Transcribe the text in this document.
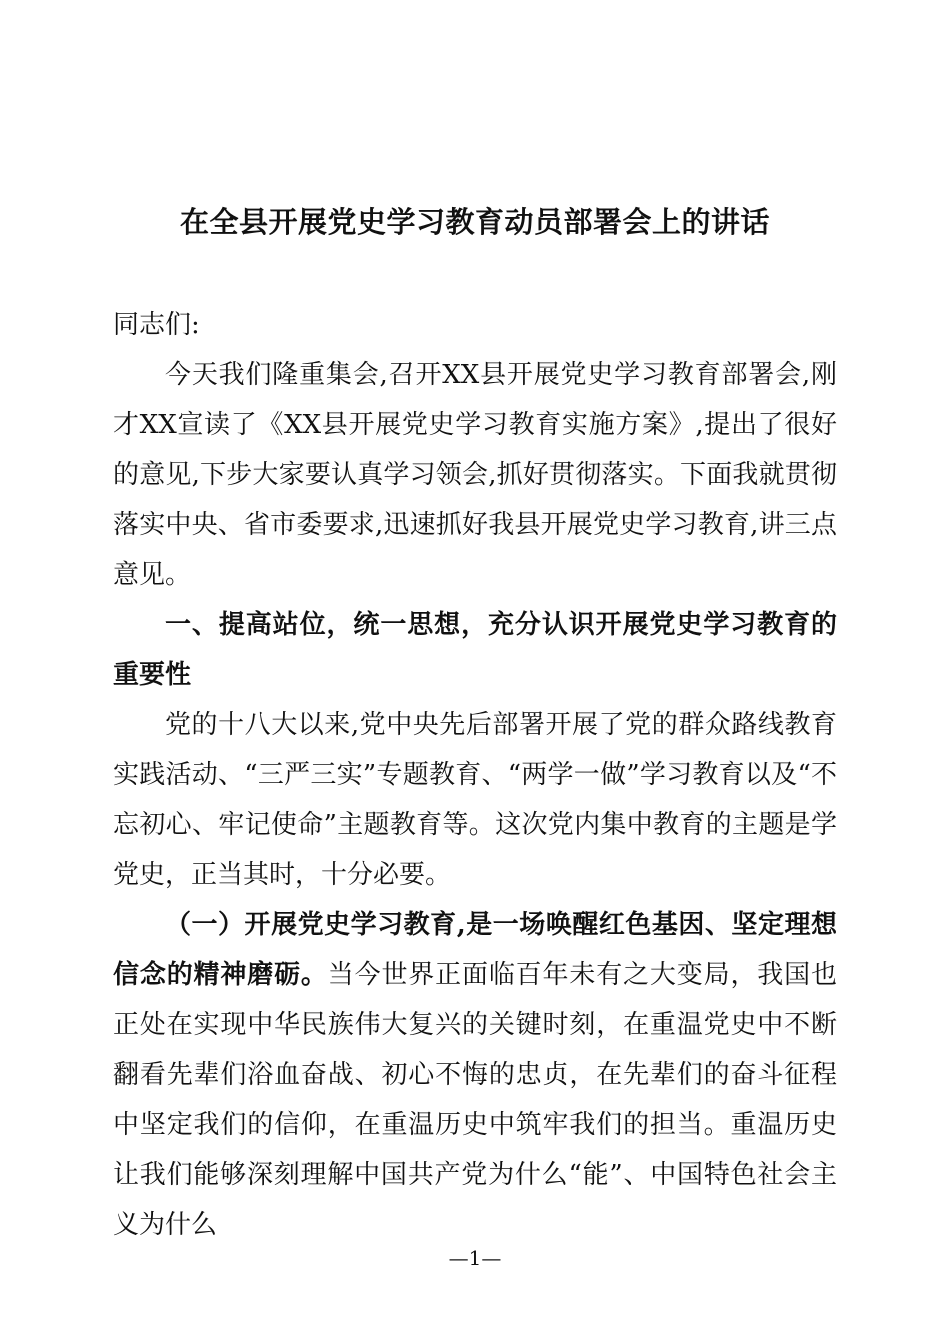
在全县开展党史学习教育动员部署会上的讲话

同志们:

今天我们隆重集会,召开XX县开展党史学习教育部署会,刚才XX宣读了《XX县开展党史学习教育实施方案》,提出了很好的意见,下步大家要认真学习领会,抓好贯彻落实。下面我就贯彻落实中央、省市委要求,迅速抓好我县开展党史学习教育,讲三点意见。

一、提高站位，统一思想，充分认识开展党史学习教育的重要性

党的十八大以来,党中央先后部署开展了党的群众路线教育实践活动、“三严三实”专题教育、“两学一做”学习教育以及“不忘初心、牢记使命”主题教育等。这次党内集中教育的主题是学党史，正当其时，十分必要。

（一）开展党史学习教育,是一场唤醒红色基因、坚定理想信念的精神磨砺。当今世界正面临百年未有之大变局，我国也正处在实现中华民族伟大复兴的关键时刻，在重温党史中不断翻看先辈们浴血奋战、初心不悔的忠贞，在先辈们的奋斗征程中坚定我们的信仰，在重温历史中筑牢我们的担当。重温历史让我们能够深刻理解中国共产党为什么“能”、中国特色社会主义为什么

—1—
